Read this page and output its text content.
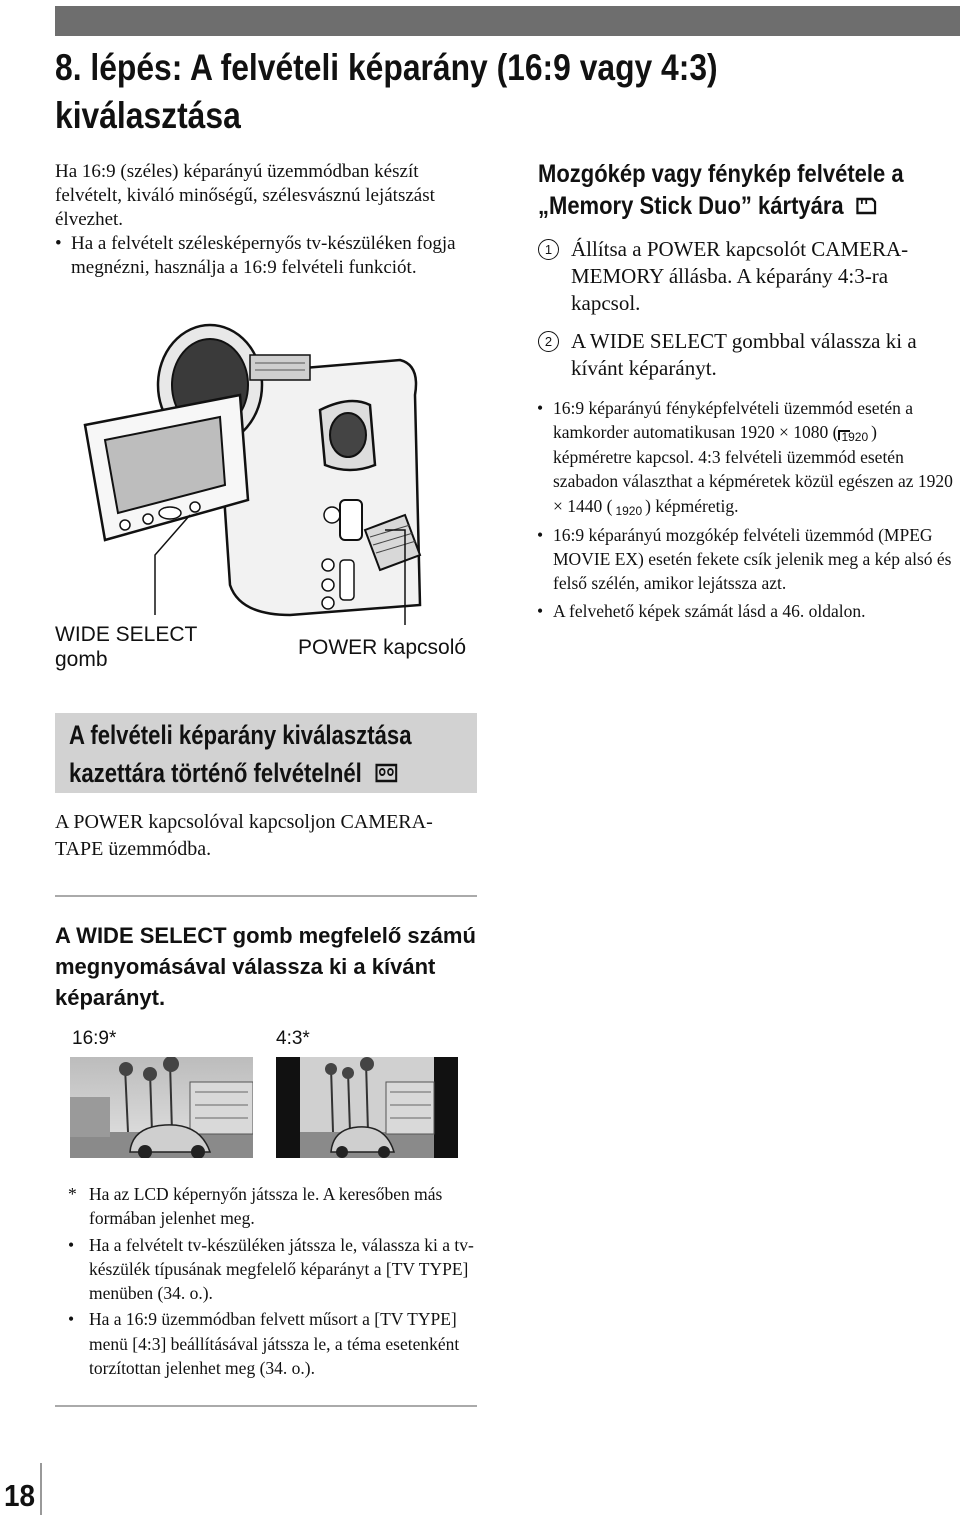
8. lépés: A felvételi képarány (16:9 vagy 4:3)
kiválasztása

Ha 16:9 (széles) képarányú üzemmódban készít felvételt, kiváló minőségű, szélesvásznú lejátszást élvezhet.

• Ha a felvételt szélesképernyős tv-készüléken fogja megnézni, használja a 16:9 felvételi funkciót.

WIDE SELECT
gomb
POWER kapcsoló
Mozgókép vagy fénykép felvétele a
„Memory Stick Duo” kártyára
1 Állítsa a POWER kapcsolót CAMERA-MEMORY állásba. A képarány 4:3-ra kapcsol.
2 A WIDE SELECT gombbal válassza ki a kívánt képarányt.
• 16:9 képarányú fényképfelvételi üzemmód esetén a kamkorder automatikusan 1920 × 1080 ( 1920 ) képméretre kapcsol. 4:3 felvételi üzemmód esetén szabadon választhat a képméretek közül egészen az 1920 × 1440 ( 1920 ) képméretig.
• 16:9 képarányú mozgókép felvételi üzemmód (MPEG MOVIE EX) esetén fekete csík jelenik meg a kép alsó és felső szélén, amikor lejátssza azt.
• A felvehető képek számát lásd a 46. oldalon.
A felvételi képarány kiválasztása
kazettára történő felvételnél
A POWER kapcsolóval kapcsoljon CAMERA-TAPE üzemmódba.
A WIDE SELECT gomb megfelelő számú megnyomásával válassza ki a kívánt képarányt.
16:9*	4:3*
* Ha az LCD képernyőn játssza le. A keresőben más formában jelenhet meg.
• Ha a felvételt tv-készüléken játssza le, válassza ki a tv-készülék típusának megfelelő képarányt a [TV TYPE] menüben (34. o.).
• Ha a 16:9 üzemmódban felvett műsort a [TV TYPE] menü [4:3] beállításával játssza le, a téma esetenként torzítottan jelenhet meg (34. o.).
18
